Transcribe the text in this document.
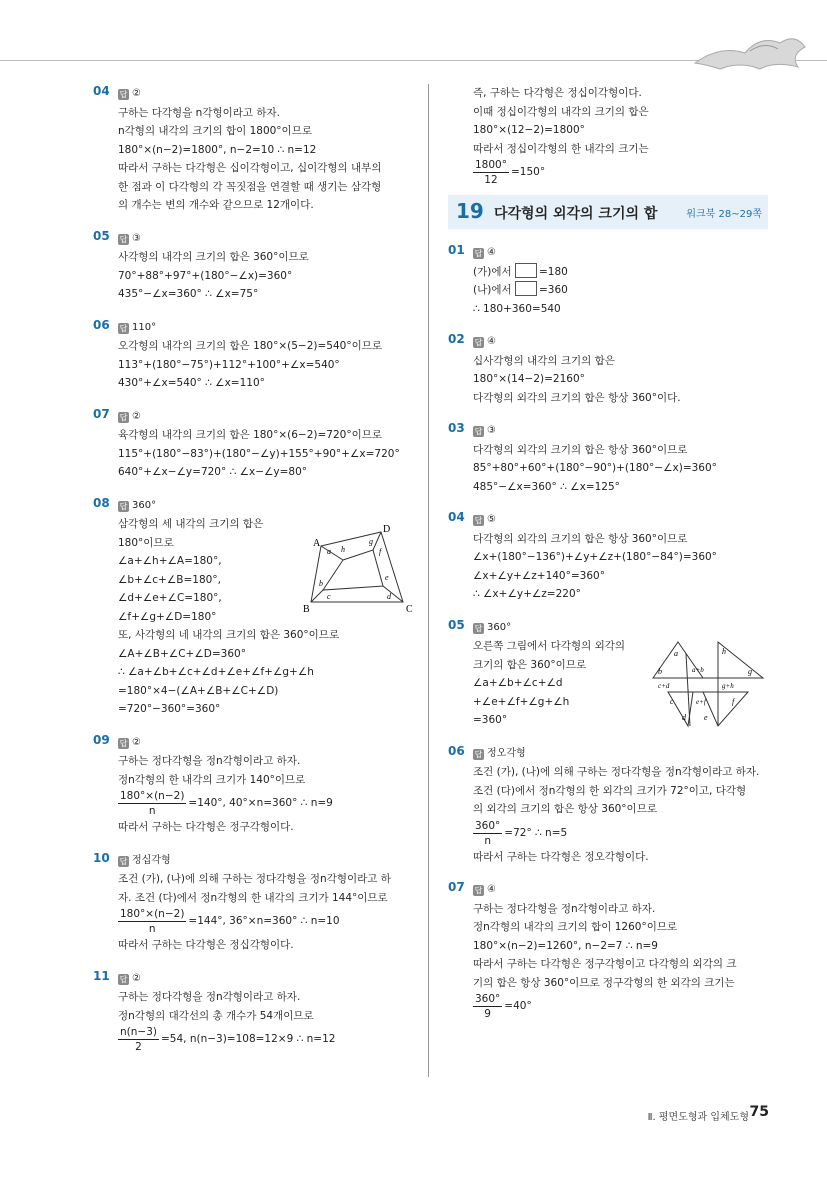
04 답 ②
구하는 다각형을 n각형이라고 하자.
n각형의 내각의 크기의 합이 1800°이므로
180°×(n−2)=1800°, n−2=10 ∴ n=12
따라서 구하는 다각형은 십이각형이고, 십이각형의 내부의
한 점과 이 다각형의 각 꼭짓점을 연결할 때 생기는 삼각형
의 개수는 변의 개수와 같으므로 12개이다.
05 답 ③
사각형의 내각의 크기의 합은 360°이므로
70°+88°+97°+(180°−∠x)=360°
435°−∠x=360° ∴ ∠x=75°
06 답 110°
오각형의 내각의 크기의 합은 180°×(5−2)=540°이므로
113°+(180°−75°)+112°+100°+∠x=540°
430°+∠x=540° ∴ ∠x=110°
07 답 ②
육각형의 내각의 크기의 합은 180°×(6−2)=720°이므로
115°+(180°−83°)+(180°−∠y)+155°+90°+∠x=720°
640°+∠x−∠y=720° ∴ ∠x−∠y=80°
08 답 360°
삼각형의 세 내각의 크기의 합은
180°이므로
∠a+∠h+∠A=180°,
∠b+∠c+∠B=180°,
∠d+∠e+∠C=180°,
∠f+∠g+∠D=180°
또, 사각형의 네 내각의 크기의 합은 360°이므로
∠A+∠B+∠C+∠D=360°
∴ ∠a+∠b+∠c+∠d+∠e+∠f+∠g+∠h
=180°×4−(∠A+∠B+∠C+∠D)
=720°−360°=360°
A
B	C
D
a
b
c	d
e
f
g
h
09 답 ②
구하는 정다각형을 정n각형이라고 하자.
정n각형의 한 내각의 크기가 140°이므로
$\frac{180^\circ\times(n-2)}{n} =140^\circ$, 40°×n=360° ∴ n=9
따라서 구하는 다각형은 정구각형이다.
10 답 정십각형
조건 (가), (나)에 의해 구하는 정다각형을 정n각형이라고 하
자. 조건 (다)에서 정n각형의 한 내각의 크기가 144°이므로
$\frac{180^\circ\times(n-2)}{n} =144^\circ$, 36°×n=360° ∴ n=10
따라서 구하는 다각형은 정십각형이다.
11 답 ②
구하는 정다각형을 정n각형이라고 하자.
정n각형의 대각선의 총 개수가 54개이므로
$\frac{n(n-3)}{2} =54$, n(n−3)=108=12×9 ∴ n=12
즉, 구하는 다각형은 정십이각형이다.
이때 정십이각형의 내각의 크기의 합은
180°×(12−2)=1800°
따라서 정십이각형의 한 내각의 크기는
$\frac{1800^\circ}{12} =150^\circ$
19 다각형의 외각의 크기의 합	워크북 28~29쪽
01 답 ④
(가)에서	=180
(나)에서	=360
∴ 180+360=540
02 답 ④
십사각형의 내각의 크기의 합은
180°×(14−2)=2160°
다각형의 외각의 크기의 합은 항상 360°이다.
03 답 ③
다각형의 외각의 크기의 합은 항상 360°이므로
85°+80°+60°+(180°−90°)+(180°−∠x)=360°
485°−∠x=360° ∴ ∠x=125°
04 답 ⑤
다각형의 외각의 크기의 합은 항상 360°이므로
∠x+(180°−136°)+∠y+∠z+(180°−84°)=360°
∠x+∠y+∠z+140°=360°
∴ ∠x+∠y+∠z=220°
05 답 360°
오른쪽 그림에서 다각형의 외각의
크기의 합은 360°이므로
∠a+∠b+∠c+∠d
+∠e+∠f+∠g+∠h
=360°
a
b
c
d e
f
g
h
a+b
g+h
c+d
e+f
06 답 정오각형
조건 (가), (나)에 의해 구하는 정다각형을 정n각형이라고 하자.
조건 (다)에서 정n각형의 한 외각의 크기가 72°이고, 다각형
의 외각의 크기의 합은 항상 360°이므로
$\frac{360^\circ}{n} =72^\circ$ ∴ n=5
따라서 구하는 다각형은 정오각형이다.
07 답 ④
구하는 정다각형을 정n각형이라고 하자.
정n각형의 내각의 크기의 합이 1260°이므로
180°×(n−2)=1260°, n−2=7 ∴ n=9
따라서 구하는 다각형은 정구각형이고 다각형의 외각의 크
기의 합은 항상 360°이므로 정구각형의 한 외각의 크기는
$\frac{360^\circ}{9} =40^\circ$
Ⅱ. 평면도형과 입체도형 75
